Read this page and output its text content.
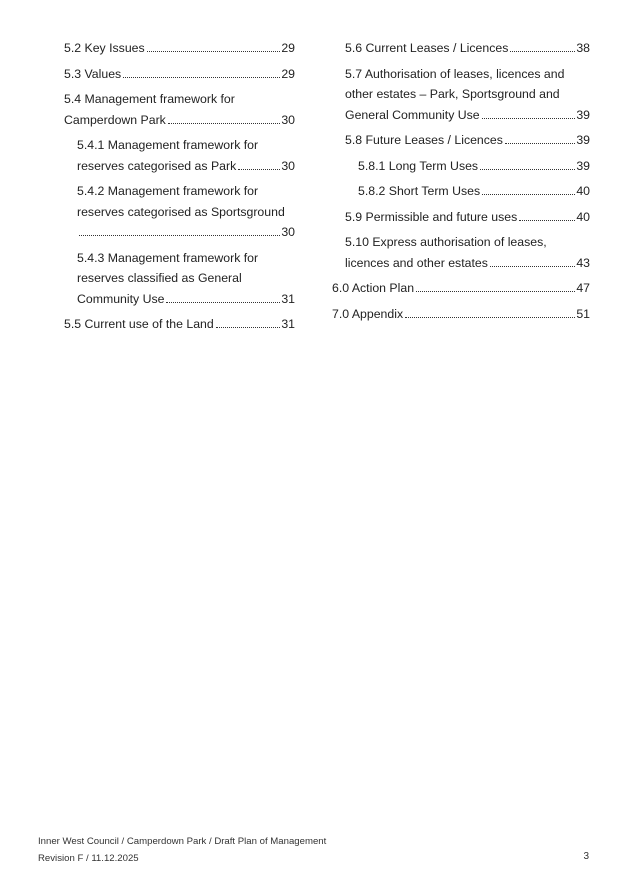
5.2 Key Issues	29
5.3 Values	29
5.4 Management framework for
Camperdown Park	30
5.4.1 Management framework for
reserves categorised as Park	30
5.4.2 Management framework for
reserves categorised as Sportsground
30
5.4.3 Management framework for
reserves classified as General
Community Use	31
5.5 Current use of the Land	31
5.6 Current Leases / Licences	38
5.7 Authorisation of leases, licences and
other estates – Park, Sportsground and
General Community Use	39
5.8 Future Leases / Licences	39
5.8.1 Long Term Uses	39
5.8.2 Short Term Uses	40
5.9 Permissible and future uses	40
5.10 Express authorisation of leases,
licences and other estates	43
6.0 Action Plan	47
7.0 Appendix	51
Inner West Council / Camperdown Park / Draft Plan of Management
Revision F / 11.12.2025	3
